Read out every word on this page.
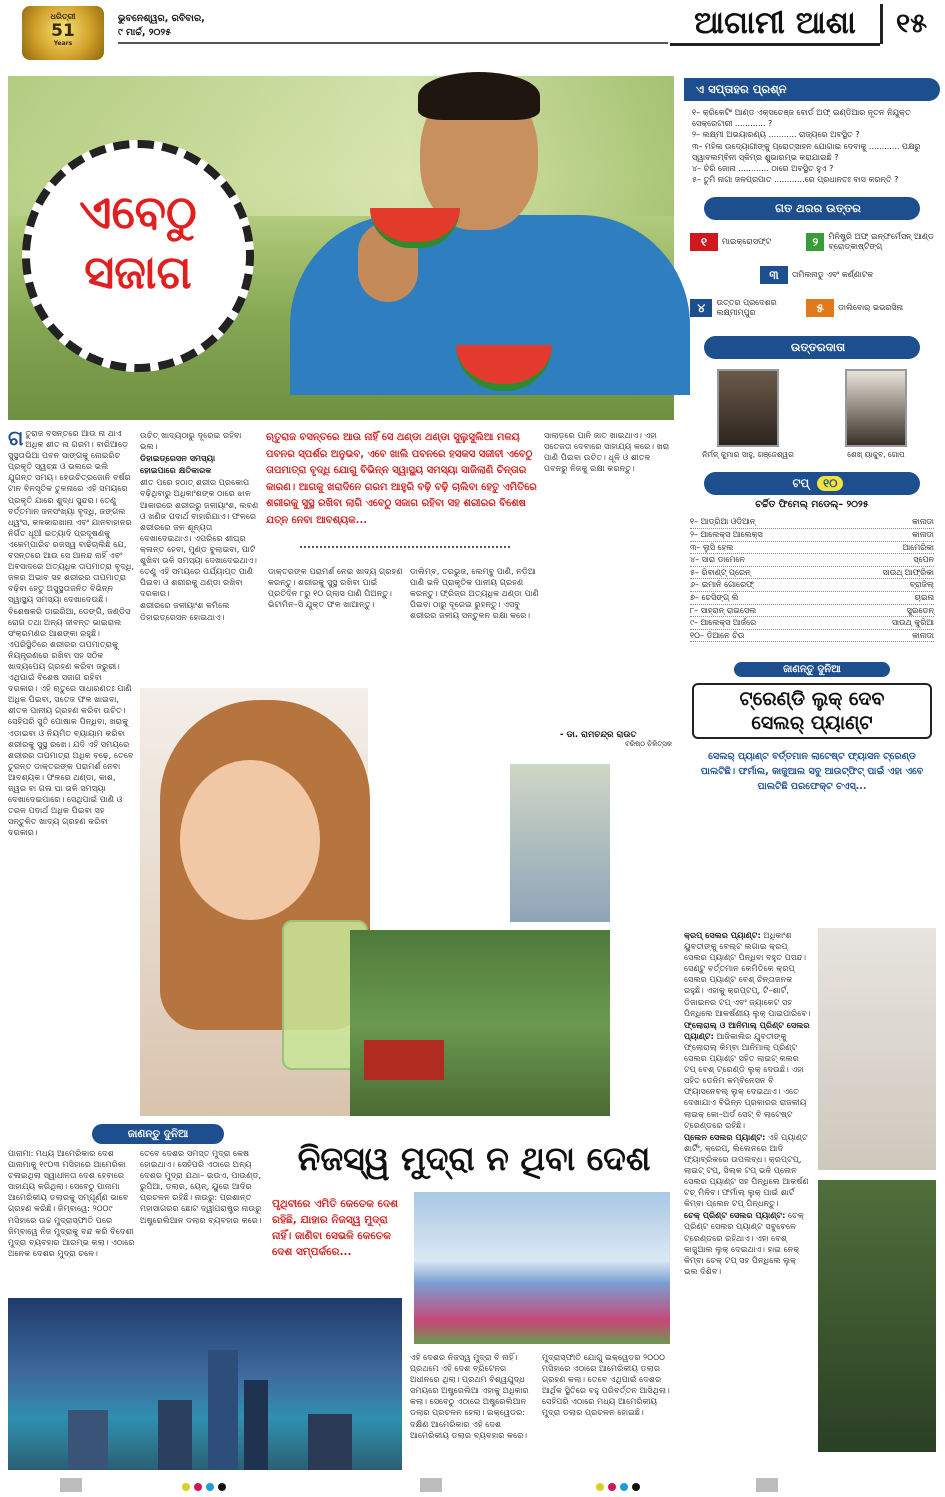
ଧରିତ୍ରୀ
51
Years
ଭୁବନେଶ୍ୱର, ରବିବାର,
୯ ମାର୍ଚ୍ଚ, ୨୦୨୫	ଆଗାମୀ ଆଶା	୧୫
ଏବେଠୁ
ସଜାଗ
ଏ ସପ୍ତାହର ପ୍ରଶ୍ନ
୧– କ୍ରିକେଟିଂ ଆଣ୍ଡ ଏକ୍ସଚେଞ୍ଜ ବୋର୍ଡ ଅଫ୍ ଇଣ୍ଡିଆର ନୂତନ ନିଯୁକ୍ତ ସେକ୍ରେଟାରୀ ............ ?
୨– ଲକ୍ଷ୍ମୀ ଅଭୟାରଣ୍ୟ ........... ରାଜ୍ୟରେ ଅବସ୍ଥିତ ?
୩– ମହିଳା ଉଦ୍ୟୋଗୀଙ୍କୁ ପ୍ରୋତ୍ସାହନ ଯୋଗାଇ ଦେବାକୁ ............ ପକ୍ଷରୁ ସ୍ୱାବଲମ୍ବିନୀ ସ୍କିମ୍‌ର ଶୁଭାରମ୍ଭ କରାଯାଇଛି ?
୪– ଚିରି ଜୋନା ............ ଠାରେ ଅବସ୍ଥିତ ହୁଏ ?
୫– ତୁମି ନାଗା ଜଳପ୍ରପାତ ............ରେ ପ୍ରଧାନତଃ ବାସ କରନ୍ତି ?
ଗତ ଥରର ଉତ୍ତର
୧	ମାଇକ୍ରୋସଫ୍ଟ	୨	ମିନିଷ୍ଟ୍ରି ଅଫ୍ ଇନ୍‌ଫର୍ମେସନ୍ ଆଣ୍ଡ ବ୍ରୋଡ୍‌କାଷ୍ଟିଙ୍ଗ୍
୩	ତାମିଲନାଡୁ ଏବଂ କର୍ଣ୍ଣାଟକ
୪	ଉତ୍ତର ପ୍ରଦେଶର ଲକ୍ଷ୍ମୀମ୍ପୁର	୫	ଡାଲିବୋର୍ ଭଭରସିନା
ଉତ୍ତରଦାତା
ନିର୍ମଳ୍ କୁମାର ସାହୁ, ଗଞ୍ଜେଶ୍ୱର	ଶେଖ୍ ୟାକୁବ, ଗୋପ
ଟପ୍	୧୦
ଚର୍ଚ୍ଚିତ ଫିମେଲ୍ ମଡେଲ୍– ୨୦୨୫
୧– ଆଡ୍ରିଆ ଓଡିଆନ୍	କାନାଡା
୨– ଆଲେକ୍ସ ଆଲେକ୍ସ	କାନାଡା
୩– ଲୁସି ହେଲ	ଆମେରିକା
୪– ସାରା ଡାମେନେ	ସ୍ପେନ
୫– ରିବାଣ୍ଟ୍ ପ୍ରେନ୍	ସାଉଥ୍ ଆଫ୍ରିକା
୬– ଇମାନି ଗୋରେଫ୍	ବ୍ରାଜିଲ୍
୭– ଚେସିଙ୍ଗ୍ ଲି	ଚାଇନା
୮– ସାହ୍ରାନ୍ ରାଇସେଲ	ସୁଇଡେନ୍
୯– ଆଲେକ୍ସ ଆର୍ଜରେ	ସାଉଥ୍ କୁରିଆ
୧୦– ଡିଆନେ ଚିଉ	କାନାଡା
ଜାଣନ୍ତୁ ଦୁନିଆ
ଟ୍ରେଣ୍ଡି ଲୁକ୍ ଦେବ
ସେଲର୍ ପ୍ୟାଣ୍ଟ
ସେଲର୍ ପ୍ୟାଣ୍ଟ ବର୍ତ୍ତମାନ ଲାଟେଷ୍ଟ ଫ୍ୟାସନ ଟ୍ରେଣ୍ଡ ପାଲଟିଛି। ଫର୍ମାଲ, କାଜୁଆଲ ସବୁ ଆଉଟ୍‌ଫିଟ୍ ପାଇଁ ଏହା ଏବେ ପାଲଟିଛି ପରଫେକ୍ଟ ଚଏସ୍...

କ୍ରପ୍ ସେଲର ପ୍ୟାଣ୍ଟ: ଅଧିକାଂଶ ୟୁବତୀଙ୍କୁ ବେଲ୍ଟ ଲଗାଇ କ୍ରପ୍ ସେଲର ପ୍ୟାଣ୍ଟ ପିନ୍ଧିବା ବହୁତ ପସନ୍ଦ। ସେଣ୍ଟୁ ବର୍ତ୍ତମାନ କେମିତିକେ କ୍ରପ୍ ସେଲର ପ୍ୟାଣ୍ଟ ବେଶ୍ ଚିନ୍ତାଜନକ ରହୁଛି। ଏହାକୁ କ୍ରପ୍‌ଟପ୍, ଟି–ଶାର୍ଟ, ଡିଜାଇନର ଟପ୍ ଏବଂ ଜ୍ୟାକେଟ ସହ ପିନ୍ଧିଲେ ଆକର୍ଷଣୀୟ ଲୁକ୍ ପାଇପାରିବେ।

ଫ୍ଲୋରାଲ୍ ଓ ଆନିମାଲ୍ ପ୍ରିଣ୍ଟ ସେଲର ପ୍ୟାଣ୍ଟ: ଆଜିକାଲିର ଯୁବତୀଙ୍କୁ ଫ୍ଲୋରାଲ୍ କିମ୍ବା ଆନିମାଲ୍ ପ୍ରିଣ୍ଟ ସେଲର ପ୍ୟାଣ୍ଟ ସହିତ ଲାଇଟ୍ କଲର ଟପ୍ ବେଶ୍ ଟ୍ରେଣ୍ଡି ଲୁକ୍ ଦେଉଛି। ଏହା ସହିତ ଡେନିମ କମ୍ବିନେସନ ବି ଫ୍ୟାସନେବଲ୍ ଲୁକ୍ ଦେଇଥାଏ। ଏତେ ଦେଖାଯାଏ ବିଭିନ୍ନ ପ୍ରକାରର ରାଜକୀୟ ଲାଇକ୍ କୋ–ଅର୍ଡ ସେଟ୍ ବି ଲାଟେଷ୍ଟ ଟ୍ରେଣ୍ଡରେ ରହିଛି।

ପ୍ଲେନ ସେଲର ପ୍ୟାଣ୍ଟ: ଏହି ପ୍ୟାଣ୍ଟ ଶାର୍ଟିଂ, କ୍ରେପ୍, ଲିଲେନରେ ଆଦି ଫ୍ୟାବ୍ରିକରେ ଉପଲବ୍ଧ। କ୍ରପ୍‌ଟପ୍, ଲାଇଟ୍ ଟପ୍, ସିଲ୍କ ଟପ୍ ଭଳି ପ୍ଲେନ ସେଲର ପ୍ୟାଣ୍ଟ ସହ ପିନ୍ଧିଲେ ଆକର୍ଷଣ ଟଚ୍ ମିଳିବ। ଫର୍ମାଲ୍ ଲୁକ୍ ପାଇଁ ଶାର୍ଟ କିମ୍ବା ପ୍ଲେନ ଟପ୍ ପିନ୍ଧନ୍ତୁ।

ଚେକ୍ ପ୍ରିଣ୍ଟ ସେଲର ପ୍ୟାଣ୍ଟ: ଚେକ୍ ପ୍ରିଣ୍ଟ ସେଲର ପ୍ୟାଣ୍ଟ ସବୁବେଳେ ଟ୍ରେଣ୍ଡରେ ରହିଥାଏ। ଏହା ବେଶ୍ କାଜୁଆଲ ଲୁକ୍ ଦେଇଥାଏ। ହାଇ ନେକ୍ କିମ୍ବା ଚେକ୍ ଟପ୍ ସହ ପିନ୍ଧିଲେ ଲୁକ୍ ଭଲ ଦିଶିବ।

ଗ ତୁରାଜ ବସନ୍ତରେ ଆଉ ନା ଥାଏ ଅଧିକ ଶୀତ ନା ଗରମ। ବାରିଆଡ଼େ ସୁସ୍ଥତାଭିଆ ପବନ ସାଙ୍ଗକୁ ନୋଇରିଚ ପ୍ରକୃତି ସ୍ୱଚ୍ଛ ଓ ଭଲରେ ଭଲି ଯୁଗନ୍ତ ସମୟ। ହେଉଚିତ୍ରଜୋନି ବର୍ଷର ଟାନ ବିନସୃତିକ ତୁଳନାରେ ଏହି ସମୟରେ ପ୍ରକୃତି ଯାରେ ଶୁଦ୍ଧ ସୁନ୍ଦର। ତେଣୁ ବର୍ତ୍ତମାନ ଜନସଂଖ୍ୟା ବୃଦ୍ଧି, ଜଙ୍ଗଲ ଧ୍ୱଂସ, କଳକାରଖାନା ଏବଂ ଯାନବାହାନର ନିର୍ଗତ ଧୂଆଁ ଇତ୍ୟାଦି ପ୍ରଦୂଷଣକୁ ଏକେମ୍ପାରିଚ ରଜସ୍ୱ ବାଢିଚାଲିଛି ଯେ, ବସନ୍ତରେ ଆଉ ସେ ଆନନ୍ଦ ନାହିଁ ଏବଂ ଅବସାଦରେ ଅତ୍ୟଧିକ ତାପମାତ୍ରା ବୃଦ୍ଧି, ଜଳର ଅଭାବ ସହ ଶରୀରର ତାପମାତ୍ରା ବଢ଼ିବା ହେତୁ ଅସୁସ୍ଥତାଜନିତ ବିଭିନ୍ନ ସ୍ୱାସ୍ଥ୍ୟ ସମସ୍ୟା ଦେଖାଦେଉଛି। ବିଶେଷକରି ଡାଇରିଆ, ଡେଙ୍ଗି, ଜଣ୍ଡିସ ରୋଗ ତଥା ଅନ୍ୟ ଜୀବନ୍ତ ଭାଇରାଲ ସଂକ୍ରମଣର ଆଶଙ୍କା ରହୁଛି। ଏପରିସ୍ଥିତିରେ ଶରୀରର ତାପମାତ୍ରାକୁ ନିୟନ୍ତ୍ରଣରେ ରଖିବା ସହ ସଠିକ ଖାଦ୍ୟପେୟ ଗ୍ରହଣ କରିବା ଜରୁରୀ। ଏଥିପାଇଁ ବିଶେଷ ସଜାଗ ରହିବା ଦରକାର। ଏହି ଋତୁରେ ସାଧାରଣତଃ ପାଣି ଅଧିକ ପିଇବା, ସତେଜ ଫଳ ଖାଇବା, ଶୀତଳ ପାନୀୟ ଗ୍ରହଣ କରିବା ଉଚିତ। ସେହିପରି ସୁତି ପୋଷାକ ପିନ୍ଧିବା, ଖରାକୁ ଏଡାଇବା ଓ ନିୟମିତ ବ୍ୟାୟାମ କରିବା ଶରୀରକୁ ସୁସ୍ଥ ରଖେ। ଯଦି ଏହି ସମୟରେ ଶରୀରର ତାପମାତ୍ରା ଅଧିକ ବଢ଼େ, ତେବେ ତୁରନ୍ତ ଡାକ୍ତରଙ୍କ ପରାମର୍ଶ ନେବା ଆବଶ୍ୟକ। ଫଳରେ ଥଣ୍ଡା, କାଶ, ଜ୍ୱର ବା ଗଳା ଘା ଭଳି ସମସ୍ୟା ଦେଖାଦେଇପାରେ। ସେଥିପାଇଁ ପାଣି ଓ ତରଳ ପଦାର୍ଥ ଅଧିକ ପିଇବା ସହ ସନ୍ତୁଳିତ ଖାଦ୍ୟ ଗ୍ରହଣ କରିବା ଦରକାର।

ଉଚିତ୍ ଖାଦ୍ୟଠାରୁ ଦୂରେଇ ରହିବା ଭଲ।

ଡିହାଇଡ୍ରେସନ ସମସ୍ୟା

ହୋଇପାରେ କ୍ଷତିକାରକ

ଶୀତ ପରେ ହଠାତ୍ ଶରୀର ପ୍ରକୋପ ବଢ଼ିଥିବାରୁ ଅଧିକାଂଶଙ୍କ ଠାରେ ଝାଳ ଆକାରରେ ଶରୀରରୁ ଜଳୀୟାଂଶ, ଲବଣ ଓ ଖଣିଜ ପଦାର୍ଥ ବାହାରିଯାଏ। ଫଳରେ ଶରୀରରେ ଜଳ ଶୂନ୍ୟତା ଦେଖାଦେଇଥାଏ। ଏପରିରେ ଶୀଘ୍ର କ୍ଳାନ୍ତ ହେବା, ମୁଣ୍ଡ ବୁଲାଇବା, ପାଟି ଶୁଖିବା ଭଳି ସମସ୍ୟା ଦେଖାଦେଇଥାଏ। ତେଣୁ ଏହି ସମୟରେ ପର୍ଯ୍ୟାପ୍ତ ପାଣି ପିଇବା ଓ ଶରୀରକୁ ଥଣ୍ଡା ରଖିବା ଦରକାର।

ଶରୀରରେ ଜଳୀୟାଂଶ କମିଲେ ଡିହାଇଡ୍ରେସନ ହୋଇଥାଏ।

ଋତୁରାଜ ବସନ୍ତରେ ଆଉ ନାହିଁ ସେ ଥଣ୍ଡା ଥଣ୍ଡା ସୁଲୁସୁଲିଆ ମଳୟ ପବନର ସ୍ପର୍ଶର ଅନୁଭବ, ଏବେ ଖାଲି ପବନରେ ହସକସ ସଜୀବୀ ଏବେଠୁ ତାପମାତ୍ରା ବୃଦ୍ଧି ଯୋଗୁ ବିଭିନ୍ନ ସ୍ୱାସ୍ଥ୍ୟ ସମସ୍ୟା ସାଜିଲାଣି ଚିନ୍ତାର କାରଣ। ଆଗକୁ ଖରାଦିନେ ଗରମ ଆହୁରି ବଢ଼ି ବଢ଼ି ଚାଲିବା ହେତୁ ଏମିତିରେ ଶରୀରକୁ ସୁସ୍ଥ ରଖିବା ଲାଗି ଏବେଠୁ ସଜାଗ ରହିବା ସହ ଶରୀରର ବିଶେଷ ଯତ୍ନ ନେବା ଆବଶ୍ୟକ...
ସାଲାଡ଼ରେ ପାନି ଜାତ ଖାଇଥାଏ। ଏହା ସତେଜତା ଦେବାରେ ସାହାଯ୍ୟ କରେ। ଖରା ପାଣି ପିଇବା ଉଚିତ। ଧୂଳି ଓ ଶୀତଳ ପବନରୁ ନିଜକୁ ରକ୍ଷା କରନ୍ତୁ।
ଡାକ୍ତରଙ୍କ ପରାମର୍ଶ ନେଇ ଖାଦ୍ୟ ଗ୍ରହଣ କରନ୍ତୁ। ଶରୀରକୁ ସୁସ୍ଥ ରଖିବା ପାଇଁ ପ୍ରତିଦିନ ୮ରୁ ୧୦ ଗ୍ଲାସ ପାଣି ପିଅନ୍ତୁ। ଭିଟାମିନ–ସି ଯୁକ୍ତ ଫଳ ଖାଆନ୍ତୁ।
ଡାଲିମ୍ବ, ତରଭୁଜ, ଲେମ୍ବୁ ପାଣି, ନଡ଼ିଆ ପାଣି ଭଳି ପ୍ରାକୃତିକ ପାନୀୟ ଗ୍ରହଣ କରନ୍ତୁ। ଫ୍ରିଜ୍‌ର ଅତ୍ୟଧିକ ଥଣ୍ଡା ପାଣି ପିଇବା ଠାରୁ ଦୂରେଇ ରୁହନ୍ତୁ। ଏସବୁ ଶରୀରର ଜଳୀୟ ସନ୍ତୁଳନ ରକ୍ଷା କରେ।
- ଡା. ରାମଚନ୍ଦ୍ର ରାଉତ
ବରିଷ୍ଠ ଚିକିତ୍ସକ
ଜାଣନ୍ତୁ ଦୁନିଆ
ନିଜସ୍ୱ ମୁଦ୍ରା ନ ଥିବା ଦେଶ
ପୃଥିବୀରେ ଏମିତି କେତେକ ଦେଶ ରହିଛି, ଯାହାର ନିଜସ୍ୱ ମୁଦ୍ରା ନାହିଁ। ଜାଣିବା ସେଭଳି କେତେକ ଦେଶ ସମ୍ପର୍କରେ...
ପାନାମା: ମଧ୍ୟ ଆମେରିକାର ଦେଶ ପାନାମାକୁ ୧୯୦୩ ମସିହାରେ ଆମେରିକା ଚଳାଇଥିଲା ସ୍ୱାଧୀନତା ଦେଶ ହେବାରେ ସାହାଯ୍ୟ କରିଥିଲା। ସେବେଠୁ ପାନାମା ଆମେରିକୀୟ ଡଲାରକୁ ସମ୍ପୂର୍ଣ୍ଣ ଭାବେ ଗ୍ରହଣ କରିଛି। ଜିମ୍ବାୱେ: ୨୦୦୯ ମସିହାରେ ଉଚ୍ଚ ମୁଦ୍ରାସ୍ଫୀତି ପରେ ଜିମ୍ବାୱେ ନିଜ ମୁଦ୍ରାକୁ ବନ୍ଦ କରି ବିଦେଶୀ ମୁଦ୍ରା ବ୍ୟବହାର ଆରମ୍ଭ କଲା। ଏଠାରେ ଅନେକ ଦେଶର ମୁଦ୍ରା ଚଳେ।
ତେବେ ଦେଶର ସମସ୍ତ ମୁଦ୍ରା କେଷ ହୋଇଥାଏ। ସେହିପରି ଏଠାରେ ଅନ୍ୟ ଦେଶର ମୁଦ୍ରା ଯଥା– ଇଉଏ, ପାଉଣ୍ଡ, ରୁପିଆ, ଡଲାର, ୟେନ୍, ୟୁରୋ ଆଦିର ପ୍ରଚଳନ ରହିଛି। ନାଉରୁ: ପ୍ରଶାନ୍ତ ମହାସାଗରର ଛୋଟ ଦ୍ୱୀପରାଷ୍ଟ୍ର ନାଉରୁ ଅଷ୍ଟ୍ରେଲିଆନ ଡଲାର ବ୍ୟବହାର କରେ।
ଏହି ଦେଶର ନିଜସ୍ୱ ମୁଦ୍ରା ବି ନାହିଁ। ପ୍ରଥମେ ଏହି ଦେଶ ବ୍ରିଟେନର ଅଧୀନରେ ଥିଲା। ପ୍ରଥମ ବିଶ୍ୱଯୁଦ୍ଧ ସମୟରେ ଅଷ୍ଟ୍ରେଲିଆ ଏହାକୁ ଅଧିକାର କଲା। ସେବେଠୁ ଏଠାରେ ଅଷ୍ଟ୍ରେଲିଆନ ଡଲାର ପ୍ରଚଳନ ହେଲା। ଇକ୍ୱେଡର: ଦକ୍ଷିଣ ଆମେରିକାର ଏହି ଦେଶ ଆମେରିକୀୟ ଡଲାର ବ୍ୟବହାର କରେ।
ମୁଦ୍ରାସ୍ଫୀତି ଯୋଗୁ ଇକ୍ୱେଡର ୨୦୦୦ ମସିହାରେ ଏଠାରେ ଆମେରିକୀୟ ଡଲାର ଗ୍ରହଣ କଲା। ତେବେ ଏଥିପାଇଁ ଦେଶର ଆର୍ଥିକ ସ୍ଥିତିରେ ବହୁ ପରିବର୍ତ୍ତନ ଆସିଥିଲା। ସେହିପରି ଏଠାରେ ମଧ୍ୟ ଆମେରିକୀୟ ମୁଦ୍ରା ଡଲାର ପ୍ରଚଳନ ହୋଇଛି।
